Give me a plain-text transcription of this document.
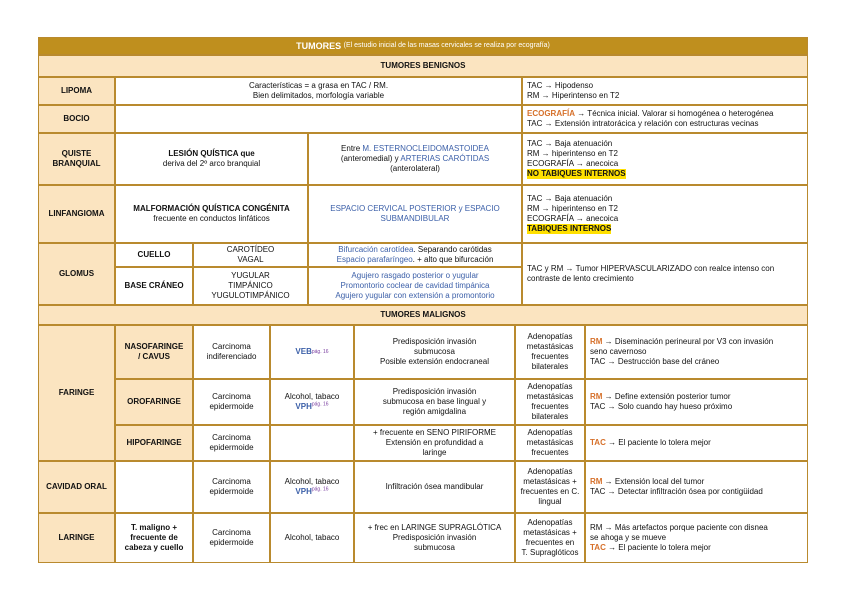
TUMORES
(El estudio inicial de las masas cervicales se realiza por ecografía)
TUMORES BENIGNOS
LIPOMA
Características = a grasa en TAC / RM.
Bien delimitados, morfología variable
TAC → Hipodenso
RM → Hiperintenso en T2
BOCIO
ECOGRAFÍA → Técnica inicial. Valorar si homogénea o heterogénea
TAC → Extensión intratorácica y relación con estructuras vecinas
QUISTE
BRANQUIAL
LESIÓN QUÍSTICA que
deriva del 2º arco branquial
Entre M. ESTERNOCLEIDOMASTOIDEA
(anteromedial) y ARTERIAS CARÓTIDAS
(anterolateral)
TAC → Baja atenuación
RM → hiperintenso en T2
ECOGRAFÍA → anecoica
NO TABIQUES INTERNOS
LINFANGIOMA
MALFORMACIÓN QUÍSTICA CONGÉNITA
frecuente en conductos linfáticos
ESPACIO CERVICAL POSTERIOR y ESPACIO
SUBMANDIBULAR
TAC → Baja atenuación
RM → hiperintenso en T2
ECOGRAFÍA → anecoica
TABIQUES INTERNOS
GLOMUS
CUELLO
BASE CRÁNEO
CAROTÍDEO
VAGAL
YUGULAR
TIMPÁNICO
YUGULOTIMPÁNICO
Bifurcación carotídea. Separando carótidas
Espacio parafaríngeo. + alto que bifurcación
Agujero rasgado posterior o yugular
Promontorio coclear de cavidad timpánica
Agujero yugular con extensión a promontorio
TAC y RM → Tumor HIPERVASCULARIZADO con realce intenso con
contraste de lento crecimiento
TUMORES MALIGNOS
FARINGE
NASOFARINGE
/ CAVUS
Carcinoma
indiferenciado
VEB pág. 16
Predisposición invasión
submucosa
Posible extensión endocraneal
Adenopatías
metastásicas
frecuentes
bilaterales
RM → Diseminación perineural por V3 con invasión
seno cavernoso
TAC → Destrucción base del cráneo
OROFARINGE
Carcinoma
epidermoide
Alcohol, tabaco
$VPH^{pág. 16}$
Predisposición invasión
submucosa en base lingual y
región amigdalina
Adenopatías
metastásicas
frecuentes
bilaterales
RM → Define extensión posterior tumor
TAC → Solo cuando hay hueso próximo
HIPOFARINGE
Carcinoma
epidermoide
+ frecuente en SENO PIRIFORME
Extensión en profundidad a
laringe
Adenopatías
metastásicas
frecuentes
TAC → El paciente lo tolera mejor
CAVIDAD ORAL
Carcinoma
epidermoide
Alcohol, tabaco
$VPH^{pág. 16}$	Infiltración ósea mandibular
Adenopatías
metastásicas +
frecuentes en C.
lingual
RM → Extensión local del tumor
TAC → Detectar infiltración ósea por contigüidad
LARINGE
T. maligno +
frecuente de
cabeza y cuello
Carcinoma
epidermoide
Alcohol, tabaco
+ frec en LARINGE SUPRAGLÓTICA
Predisposición invasión
submucosa
Adenopatías
metastásicas +
frecuentes en
T. Supraglóticos
RM → Más artefactos porque paciente con disnea
se ahoga y se mueve
TAC → El paciente lo tolera mejor
